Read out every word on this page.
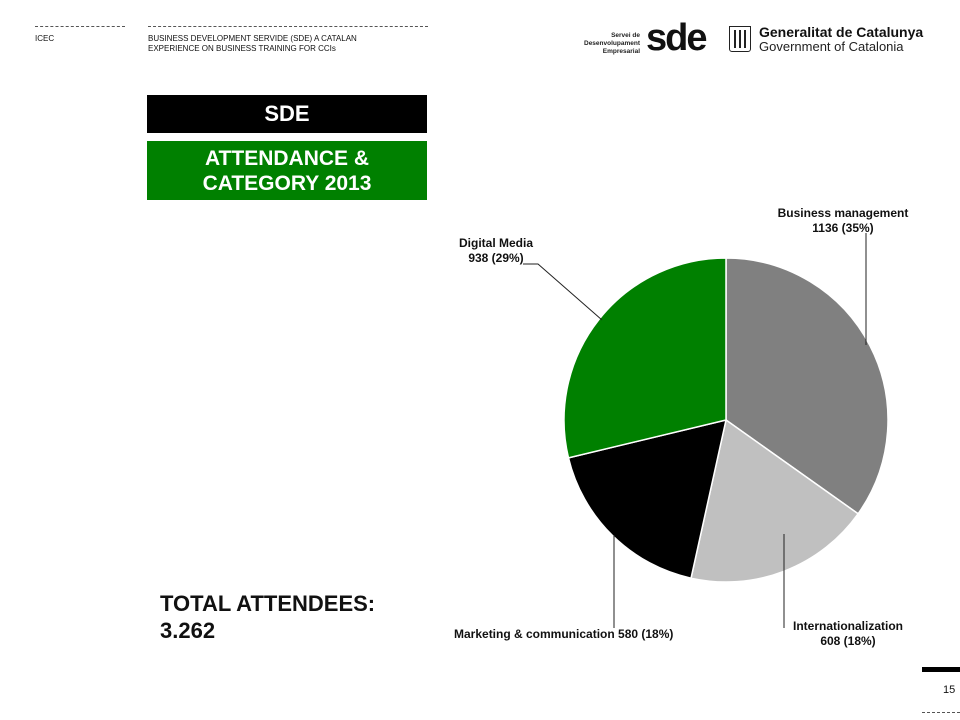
ICEC	BUSINESS DEVELOPMENT SERVIDE (SDE) A CATALAN
EXPERIENCE ON BUSINESS TRAINING FOR CCIs
Servei de
Desenvolupament
Empresarial sde	Generalitat de Catalunya
Government of Catalonia
SDE
ATTENDANCE &
CATEGORY 2013
Business management
1136 (35%)
Internationalization
608 (18%)
Marketing & communication 580 (18%)
Digital Media
938 (29%)
TOTAL ATTENDEES:
3.262
15
